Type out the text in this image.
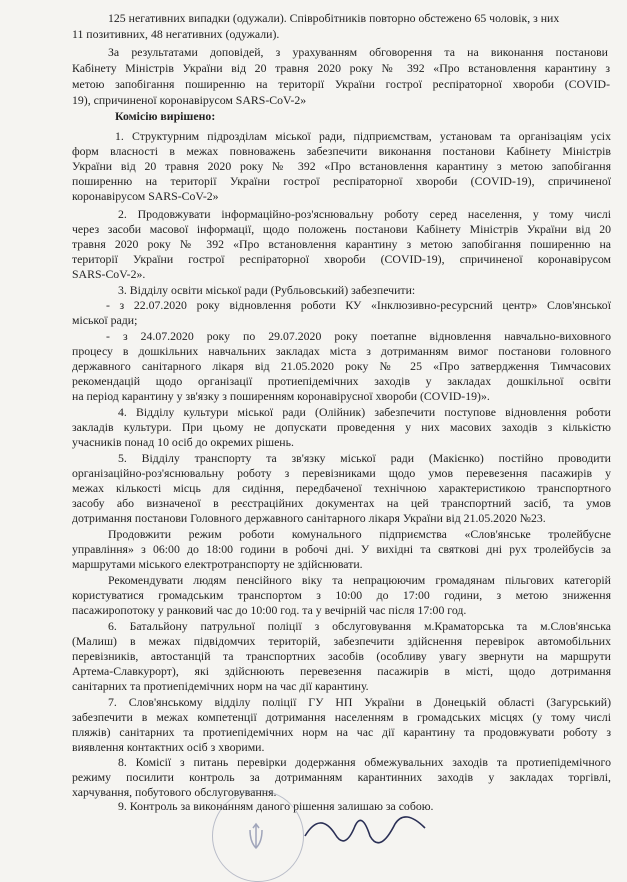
125 негативних випадки (одужали). Співробітників повторно обстежено 65 чоловік, з них
11 позитивних, 48 негативних (одужали).
За результатами доповідей, з урахуванням обговорення та на виконання постанови
Кабінету Міністрів України від 20 травня 2020 року № 392 «Про встановлення карантину з
метою запобігання поширенню на території України гострої респіраторної хвороби (COVID-
19), спричиненої коронавірусом SARS-CoV-2»
Комісію вирішено:
1. Структурним підрозділам міської ради, підприємствам, установам та організаціям усіх
форм власності в межах повноважень забезпечити виконання постанови Кабінету Міністрів
України від 20 травня 2020 року № 392 «Про встановлення карантину з метою запобігання
поширенню на території України гострої респіраторної хвороби (COVID-19), спричиненої
коронавірусом SARS-CoV-2»
2. Продовжувати інформаційно-роз'яснювальну роботу серед населення, у тому числі
через засоби масової інформації, щодо положень постанови Кабінету Міністрів України від 20
травня 2020 року № 392 «Про встановлення карантину з метою запобігання поширенню на
території України гострої респіраторної хвороби (COVID-19), спричиненої коронавірусом
SARS-CoV-2».
3. Відділу освіти міської ради (Рубльовський) забезпечити:
- з 22.07.2020 року відновлення роботи КУ «Інклюзивно-ресурсний центр» Слов'янської
міської ради;
- з 24.07.2020 року по 29.07.2020 року поетапне відновлення навчально-виховного
процесу в дошкільних навчальних закладах міста з дотриманням вимог постанови головного
державного санітарного лікаря від 21.05.2020 року № 25 «Про затвердження Тимчасових
рекомендацій щодо організації протиепідемічних заходів у закладах дошкільної освіти
на період карантину у зв'язку з поширенням коронавірусної хвороби (COVID-19)».
4. Відділу культури міської ради (Олійник) забезпечити поступове відновлення роботи
закладів культури. При цьому не допускати проведення у них масових заходів з кількістю
учасників понад 10 осіб до окремих рішень.
5. Відділу транспорту та зв'язку міської ради (Макієнко) постійно проводити
організаційно-роз'яснювальну роботу з перевізниками щодо умов перевезення пасажирів у
межах кількості місць для сидіння, передбаченої технічною характеристикою транспортного
засобу або визначеної в реєстраційних документах на цей транспортний засіб, та умов
дотримання постанови Головного державного санітарного лікаря України від 21.05.2020 №23.
Продовжити режим роботи комунального підприємства «Слов'янське тролейбусне
управління» з 06:00 до 18:00 години в робочі дні. У вихідні та святкові дні рух тролейбусів за
маршрутами міського електротранспорту не здійснювати.
Рекомендувати людям пенсійного віку та непрацюючим громадянам пільгових категорій
користуватися громадським транспортом з 10:00 до 17:00 години, з метою зниження
пасажиропотоку у ранковий час до 10:00 год. та у вечірній час після 17:00 год.
6. Батальйону патрульної поліції з обслуговування м.Краматорська та м.Слов'янська
(Малиш) в межах підвідомчих територій, забезпечити здійснення перевірок автомобільних
перевізників, автостанцій та транспортних засобів (особливу увагу звернути на маршрути
Артема-Славкурорт), які здійснюють перевезення пасажирів в місті, щодо дотримання
санітарних та протиепідемічних норм на час дії карантину.
7. Слов'янському відділу поліції ГУ НП України в Донецькій області (Загурський)
забезпечити в межах компетенції дотримання населенням в громадських місцях (у тому числі
пляжів) санітарних та протиепідемічних норм на час дії карантину та продовжувати роботу з
виявлення контактних осіб з хворими.
8. Комісії з питань перевірки додержання обмежувальних заходів та протиепідемічного
режиму посилити контроль за дотриманням карантинних заходів у закладах торгівлі,
харчування, побутового обслуговування.
9. Контроль за виконанням даного рішення залишаю за собою.
